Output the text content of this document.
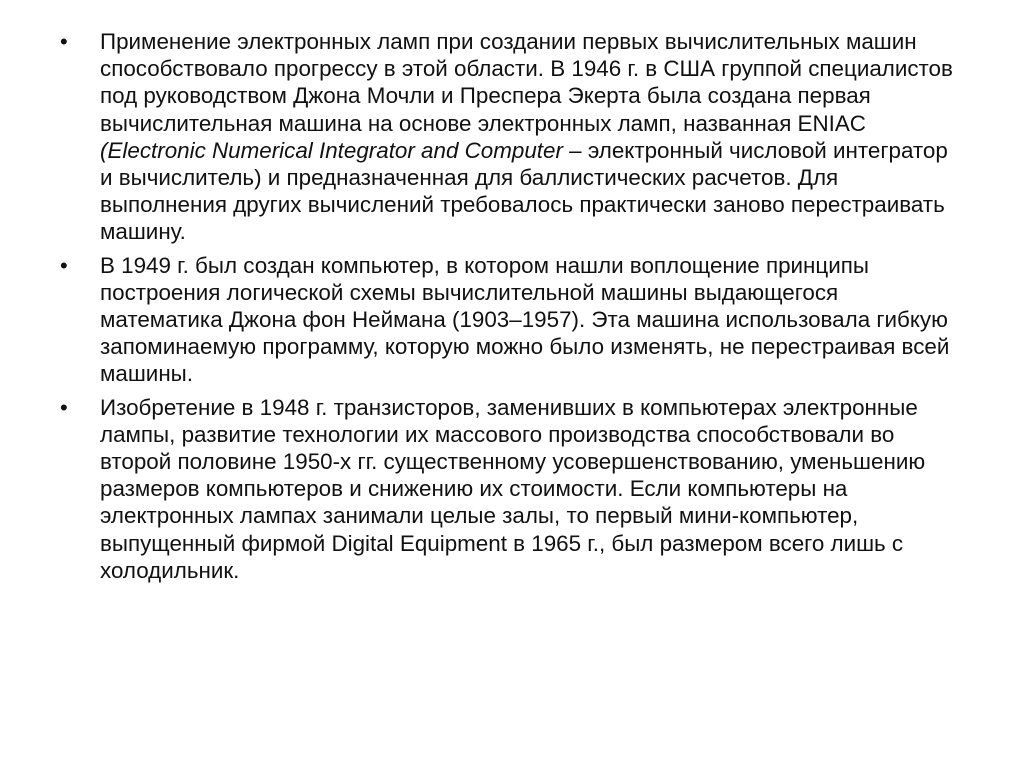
• Применение электронных ламп при создании первых вычислительных машин способствовало прогрессу в этой области. В 1946 г. в США группой специалистов под руководством Джона Мочли и Преспера Экерта была создана первая вычислительная машина на основе электронных ламп, названная ENIAC (Electronic Numerical Integrator and Computer – электронный числовой интегратор и вычислитель) и предназначенная для баллистических расчетов. Для выполнения других вычислений требовалось практически заново перестраивать машину.
• В 1949 г. был создан компьютер, в котором нашли воплощение принципы построения логической схемы вычислительной машины выдающегося математика Джона фон Неймана (1903–1957). Эта машина использовала гибкую запоминаемую программу, которую можно было изменять, не перестраивая всей машины.
• Изобретение в 1948 г. транзисторов, заменивших в компьютерах электронные лампы, развитие технологии их массового производства способствовали во второй половине 1950-х гг. существенному усовершенствованию, уменьшению размеров компьютеров и снижению их стоимости. Если компьютеры на электронных лампах занимали целые залы, то первый мини-компьютер, выпущенный фирмой Digital Equipment в 1965 г., был размером всего лишь с холодильник.
